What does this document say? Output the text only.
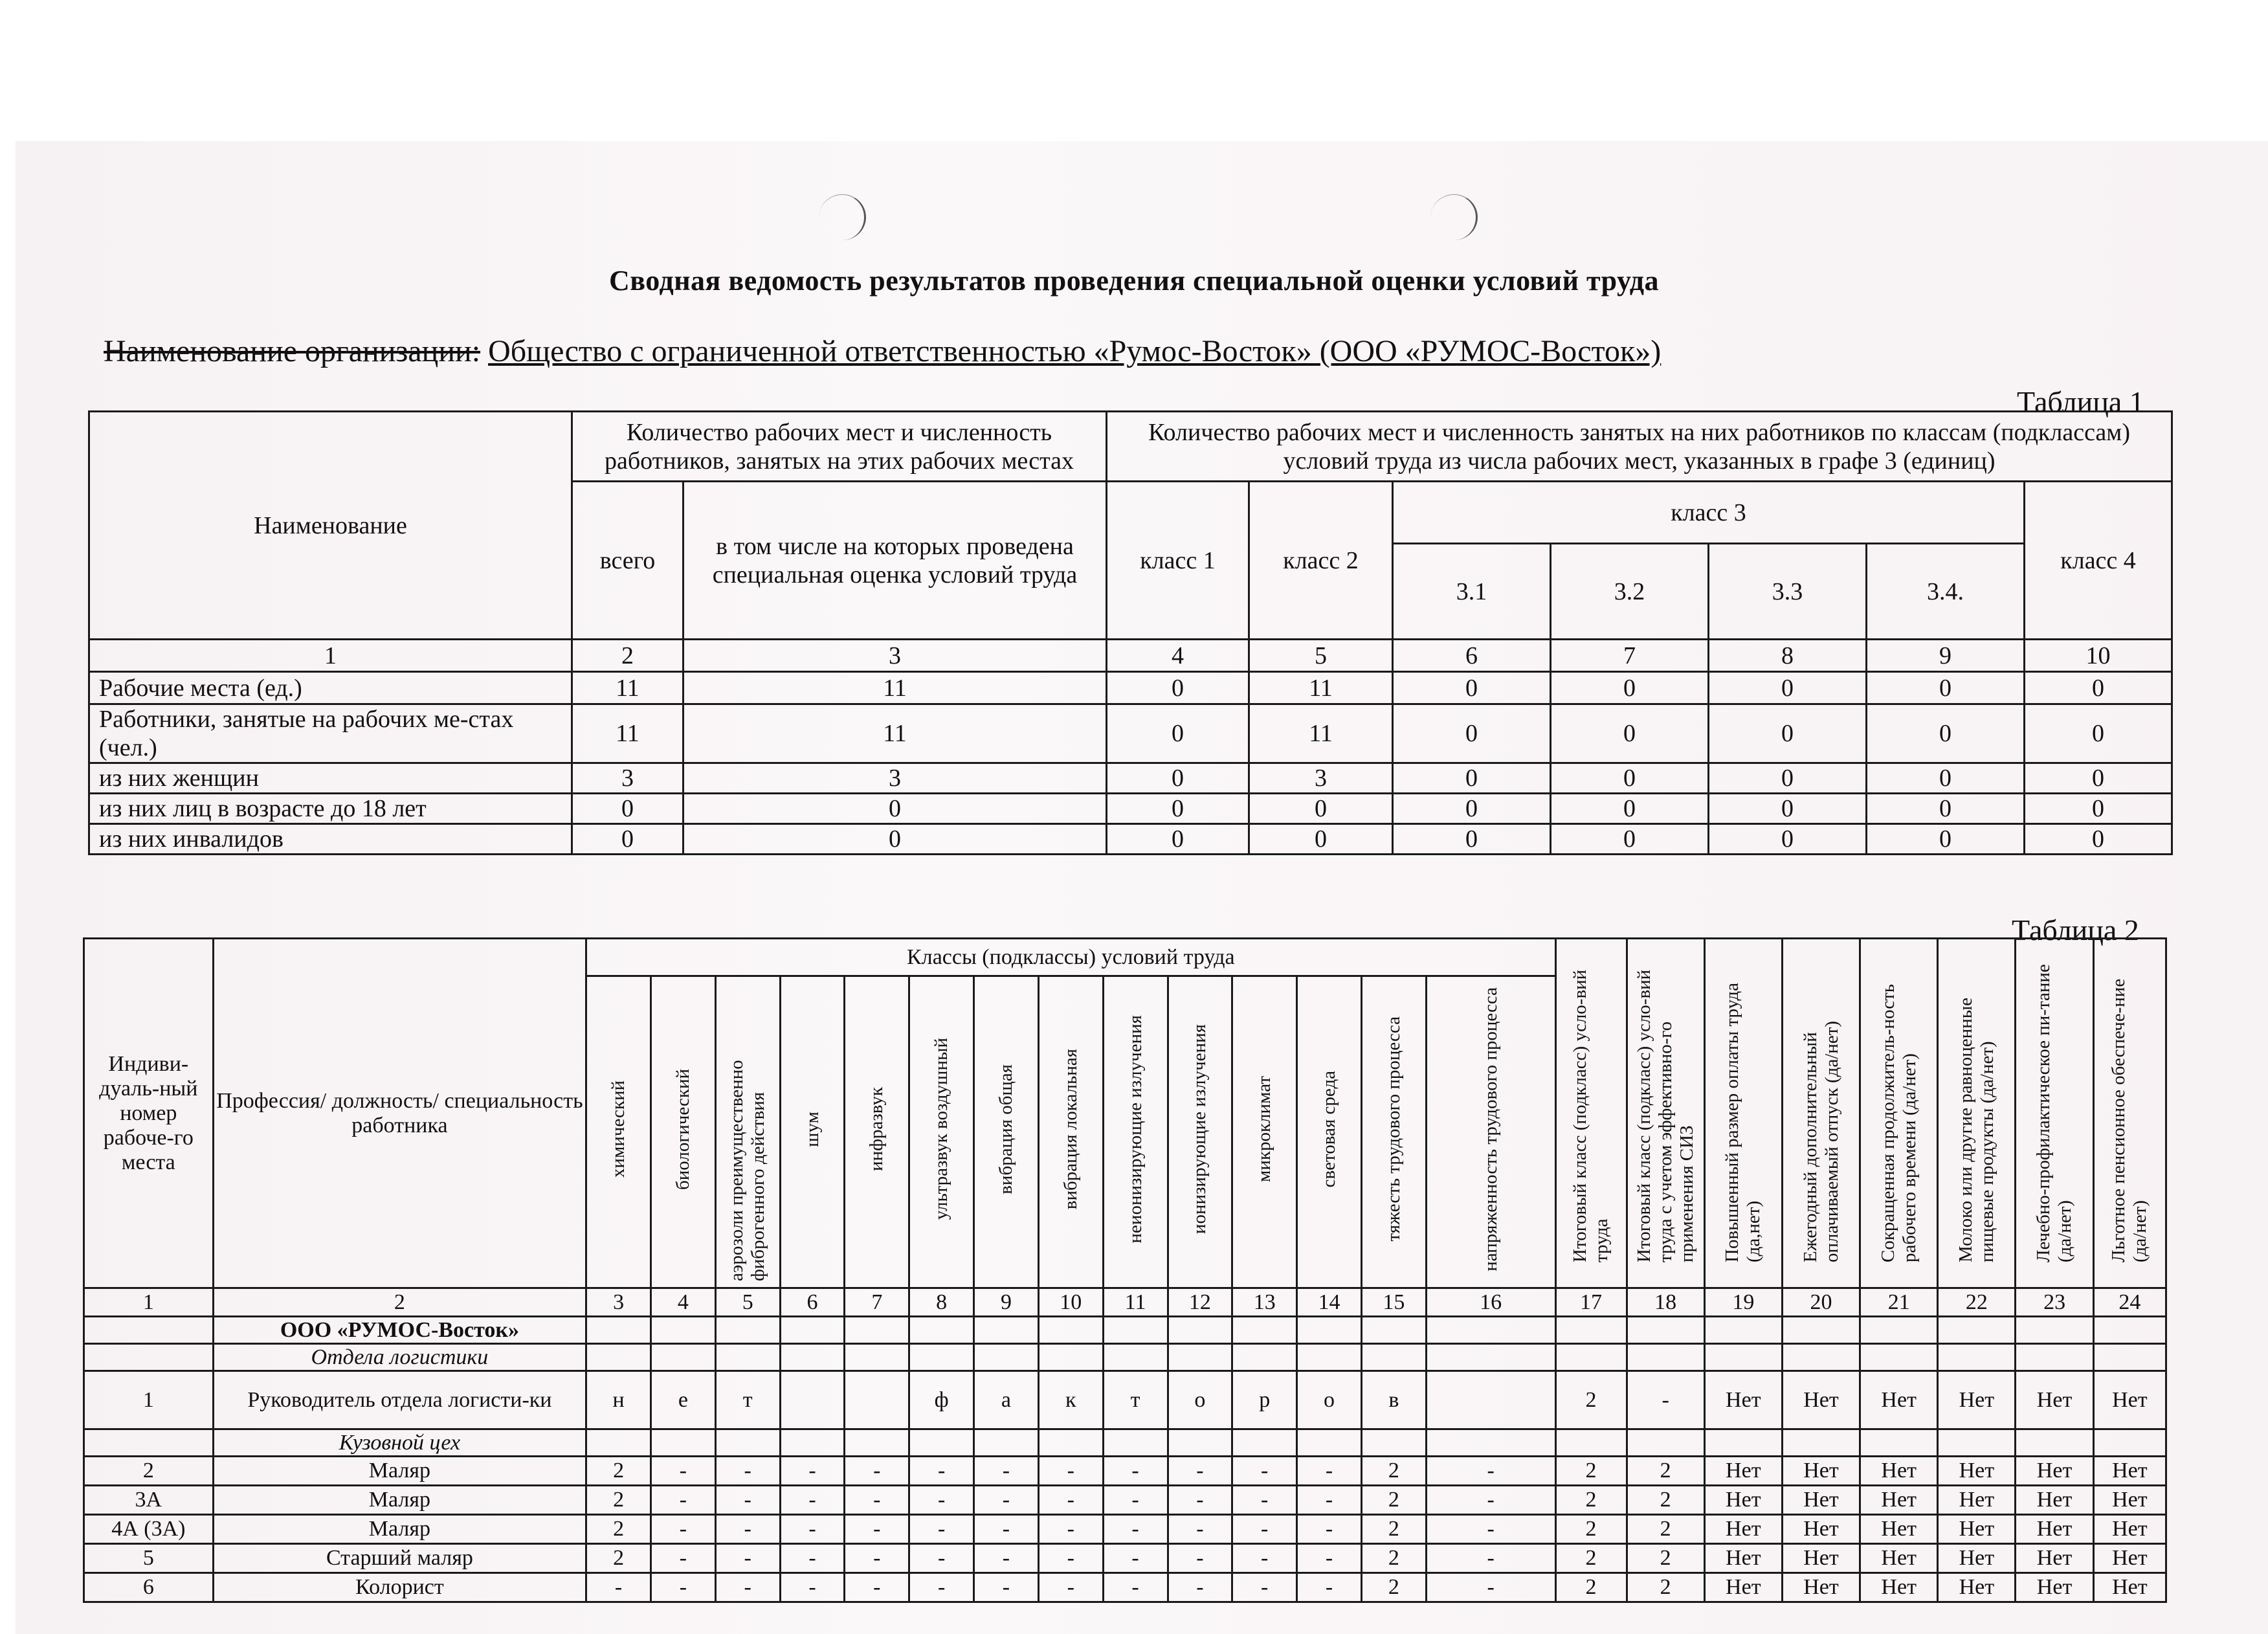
Сводная ведомость результатов проведения специальной оценки условий труда
Наименование организации: Общество с ограниченной ответственностью «Румос-Восток» (ООО «РУМОС-Восток»)
Таблица 1
Наименование	Количество рабочих мест и численность работников, занятых на этих рабочих местах		Количество рабочих мест и численность занятых на них работников по классам (подклассам) условий труда из числа рабочих мест, указанных в графе 3 (единиц)						
	всего	в том числе на которых проведена специальная оценка условий труда	класс 1	класс 2	класс 3				класс 4
					3.1	3.2	3.3	3.4.	
1	2	3	4	5	6	7	8	9	10
Рабочие места (ед.)	11	11	0	11	0	0	0	0	0
Работники, занятые на рабочих ме-стах (чел.)	11	11	0	11	0	0	0	0	0
из них женщин	3	3	0	3	0	0	0	0	0
из них лиц в возрасте до 18 лет	0	0	0	0	0	0	0	0	0
из них инвалидов	0	0	0	0	0	0	0	0	0
Таблица 2
Индиви-дуаль-ный номер рабоче-го места	Профессия/ должность/ специальность работника	Классы (подклассы) условий труда														Итоговый класс (подкласс) усло-вий труда	Итоговый класс (подкласс) усло-вий труда с учетом эффективно-го применения СИЗ	Повышенный размер оплаты труда (да,нет)	Ежегодный дополнительный оплачиваемый отпуск (да/нет)	Сокращенная продолжитель-ность рабочего времени (да/нет)	Молоко или другие равноценные пищевые продукты (да/нет)	Лечебно-профилактическое пи-тание (да/нет)	Льготное пенсионное обеспече-ние (да/нет)
		химический	биологический	аэрозоли преимущественно фиброгенного действия	шум	инфразвук	ультразвук воздушный	вибрация общая	вибрация локальная	неионизирующие излучения	ионизирующие излучения	микроклимат	световая среда	тяжесть трудового процесса	напряженность трудового процесса								
1	2	3	4	5	6	7	8	9	10	11	12	13	14	15	16	17	18	19	20	21	22	23	24
	ООО «РУМОС-Восток»																						
	Отдела логистики																						
1	Руководитель отдела логисти-ки	н	е	т			ф	а	к	т	о	р	о	в		2	-	Нет	Нет	Нет	Нет	Нет	Нет
	Кузовной цех																						
2	Маляр	2	-	-	-	-	-	-	-	-	-	-	-	2	-	2	2	Нет	Нет	Нет	Нет	Нет	Нет
3А	Маляр	2	-	-	-	-	-	-	-	-	-	-	-	2	-	2	2	Нет	Нет	Нет	Нет	Нет	Нет
4А (3А)	Маляр	2	-	-	-	-	-	-	-	-	-	-	-	2	-	2	2	Нет	Нет	Нет	Нет	Нет	Нет
5	Старший маляр	2	-	-	-	-	-	-	-	-	-	-	-	2	-	2	2	Нет	Нет	Нет	Нет	Нет	Нет
6	Колорист	-	-	-	-	-	-	-	-	-	-	-	-	2	-	2	2	Нет	Нет	Нет	Нет	Нет	Нет
